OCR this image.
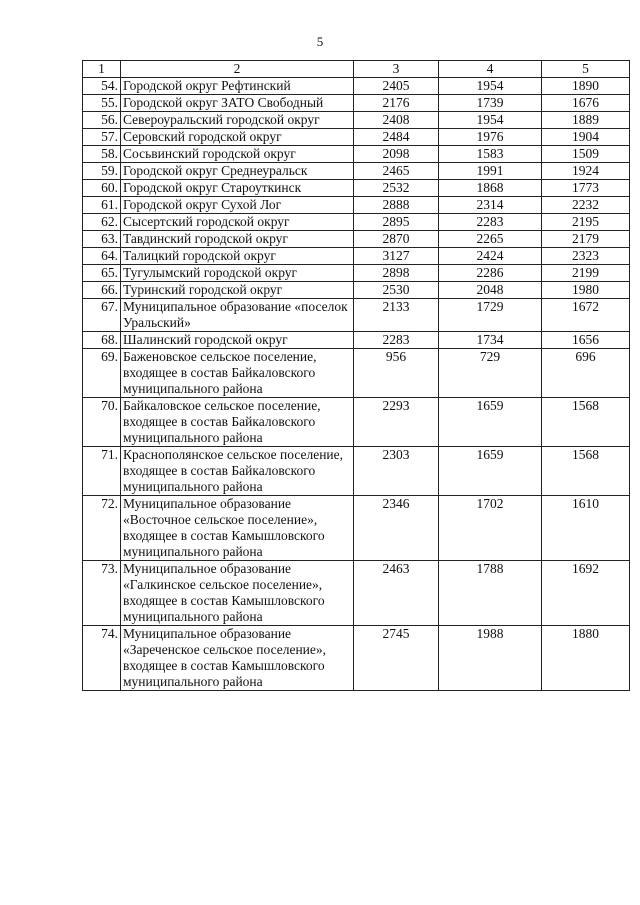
5
1	2	3	4	5
54.	Городской округ Рефтинский	2405	1954	1890
55.	Городской округ ЗАТО Свободный	2176	1739	1676
56.	Североуральский городской округ	2408	1954	1889
57.	Серовский городской округ	2484	1976	1904
58.	Сосьвинский городской округ	2098	1583	1509
59.	Городской округ Среднеуральск	2465	1991	1924
60.	Городской округ Староуткинск	2532	1868	1773
61.	Городской округ Сухой Лог	2888	2314	2232
62.	Сысертский городской округ	2895	2283	2195
63.	Тавдинский городской округ	2870	2265	2179
64.	Талицкий городской округ	3127	2424	2323
65.	Тугулымский городской округ	2898	2286	2199
66.	Туринский городской округ	2530	2048	1980
67.	Муниципальное образование «поселок Уральский»	2133	1729	1672
68.	Шалинский городской округ	2283	1734	1656
69.	Баженовское сельское поселение, входящее в состав Байкаловского муниципального района	956	729	696
70.	Байкаловское сельское поселение, входящее в состав Байкаловского муниципального района	2293	1659	1568
71.	Краснополянское сельское поселение, входящее в состав Байкаловского муниципального района	2303	1659	1568
72.	Муниципальное образование «Восточное сельское поселение», входящее в состав Камышловского муниципального района	2346	1702	1610
73.	Муниципальное образование «Галкинское сельское поселение», входящее в состав Камышловского муниципального района	2463	1788	1692
74.	Муниципальное образование «Зареченское сельское поселение», входящее в состав Камышловского муниципального района	2745	1988	1880
